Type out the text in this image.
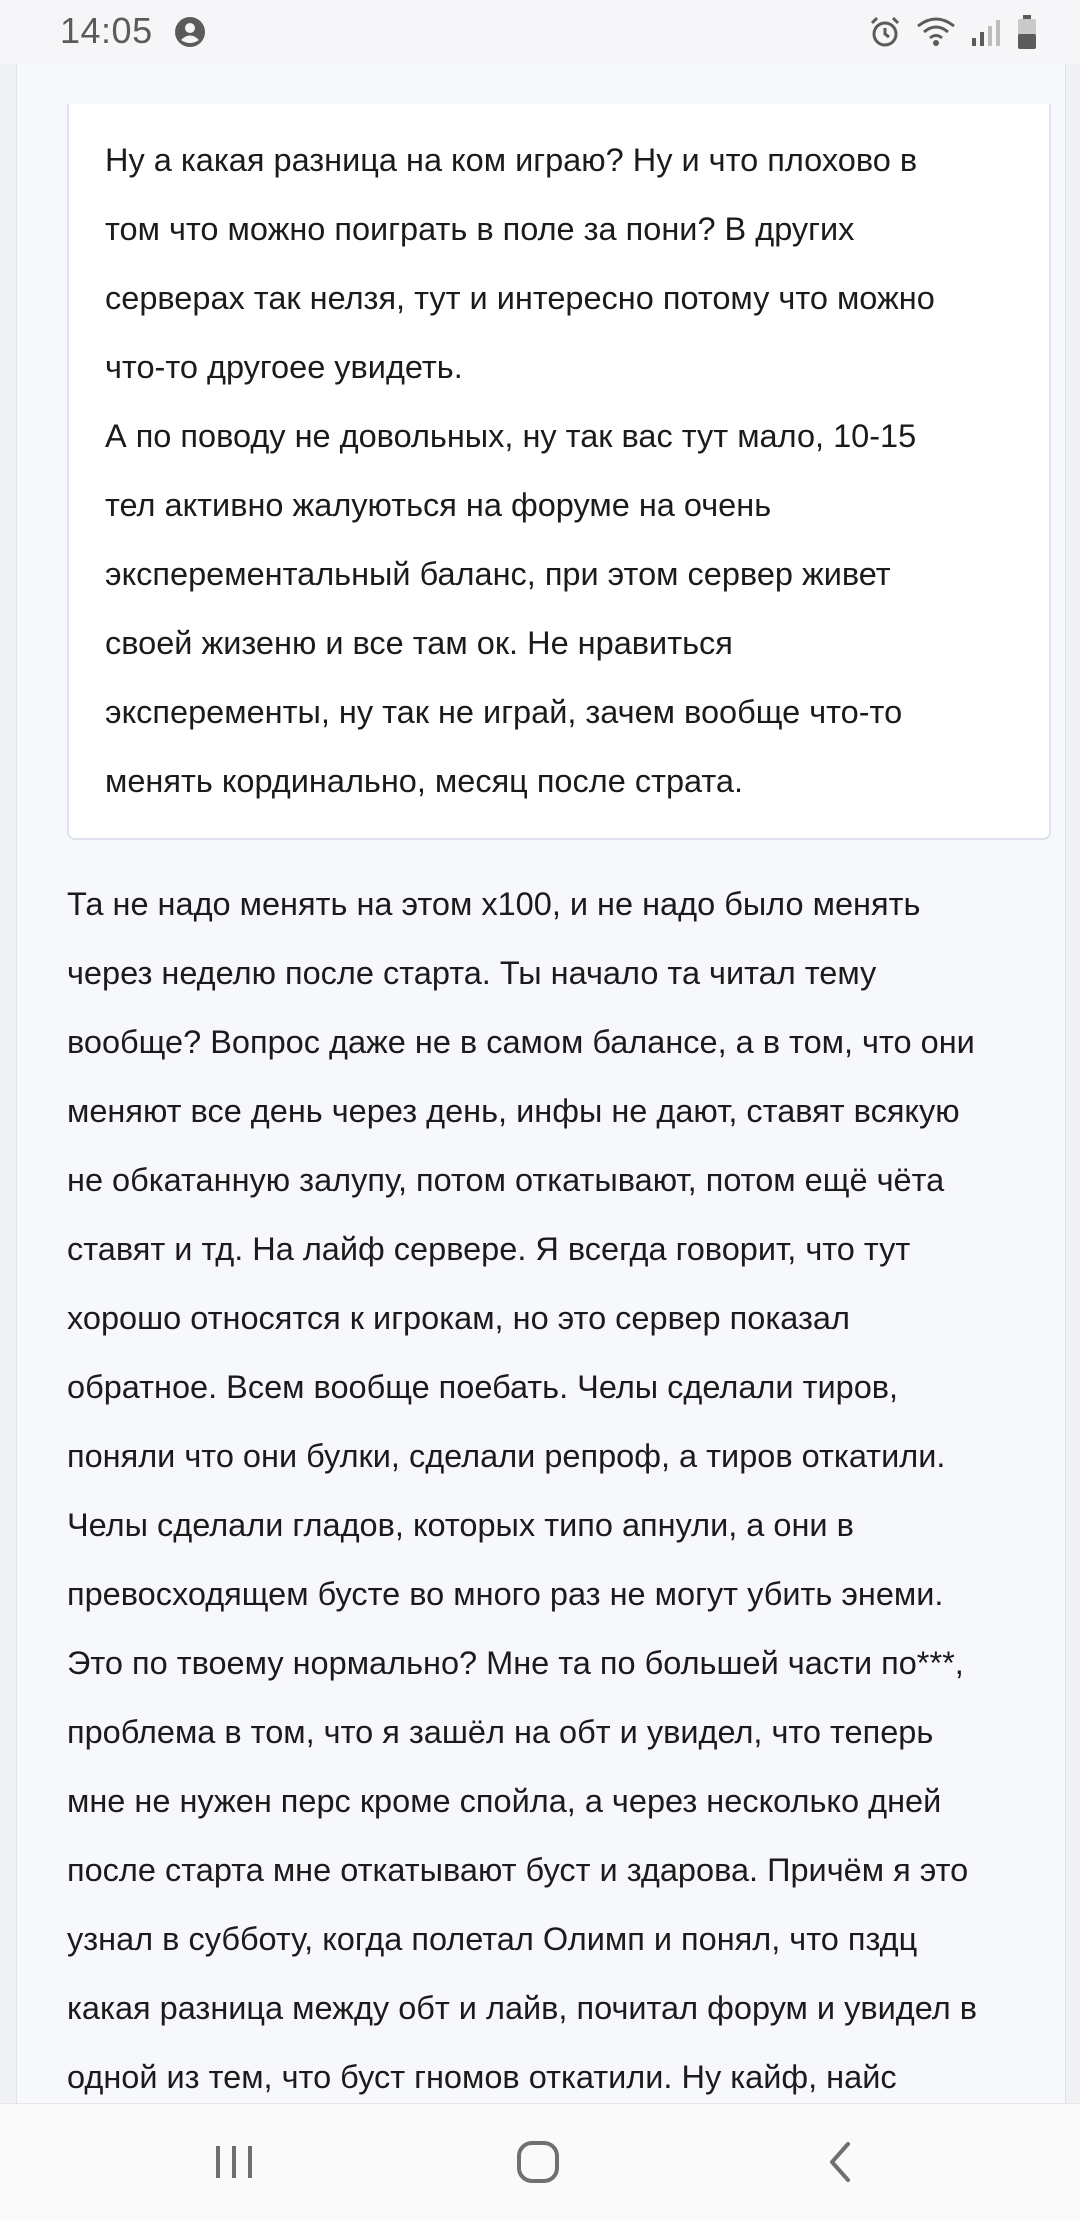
14:05

Ну а какая разница на ком играю? Ну и что плохово в
том что можно поиграть в поле за пони? В других
серверах так нелзя, тут и интересно потому что можно
что-то другоее увидеть.
А по поводу не довольных, ну так вас тут мало, 10-15
тел активно жалуються на форуме на очень
эксперементальный баланс, при этом сервер живет
своей жизеню и все там ок. Не нравиться
эксперементы, ну так не играй, зачем вообще что-то
менять кординально, месяц после страта.

Та не надо менять на этом x100, и не надо было менять
через неделю после старта. Ты начало та читал тему
вообще? Вопрос даже не в самом балансе, а в том, что они
меняют все день через день, инфы не дают, ставят всякую
не обкатанную залупу, потом откатывают, потом ещё чёта
ставят и тд. На лайф сервере. Я всегда говорит, что тут
хорошо относятся к игрокам, но это сервер показал
обратное. Всем вообще поебать. Челы сделали тиров,
поняли что они булки, сделали репроф, а тиров откатили.
Челы сделали гладов, которых типо апнули, а они в
превосходящем бусте во много раз не могут убить энеми.
Это по твоему нормально? Мне та по большей части по***,
проблема в том, что я зашёл на обт и увидел, что теперь
мне не нужен перс кроме спойла, а через несколько дней
после старта мне откатывают буст и здарова. Причём я это
узнал в субботу, когда полетал Олимп и понял, что пздц
какая разница между обт и лайв, почитал форум и увидел в
одной из тем, что буст гномов откатили. Ну кайф, найс
